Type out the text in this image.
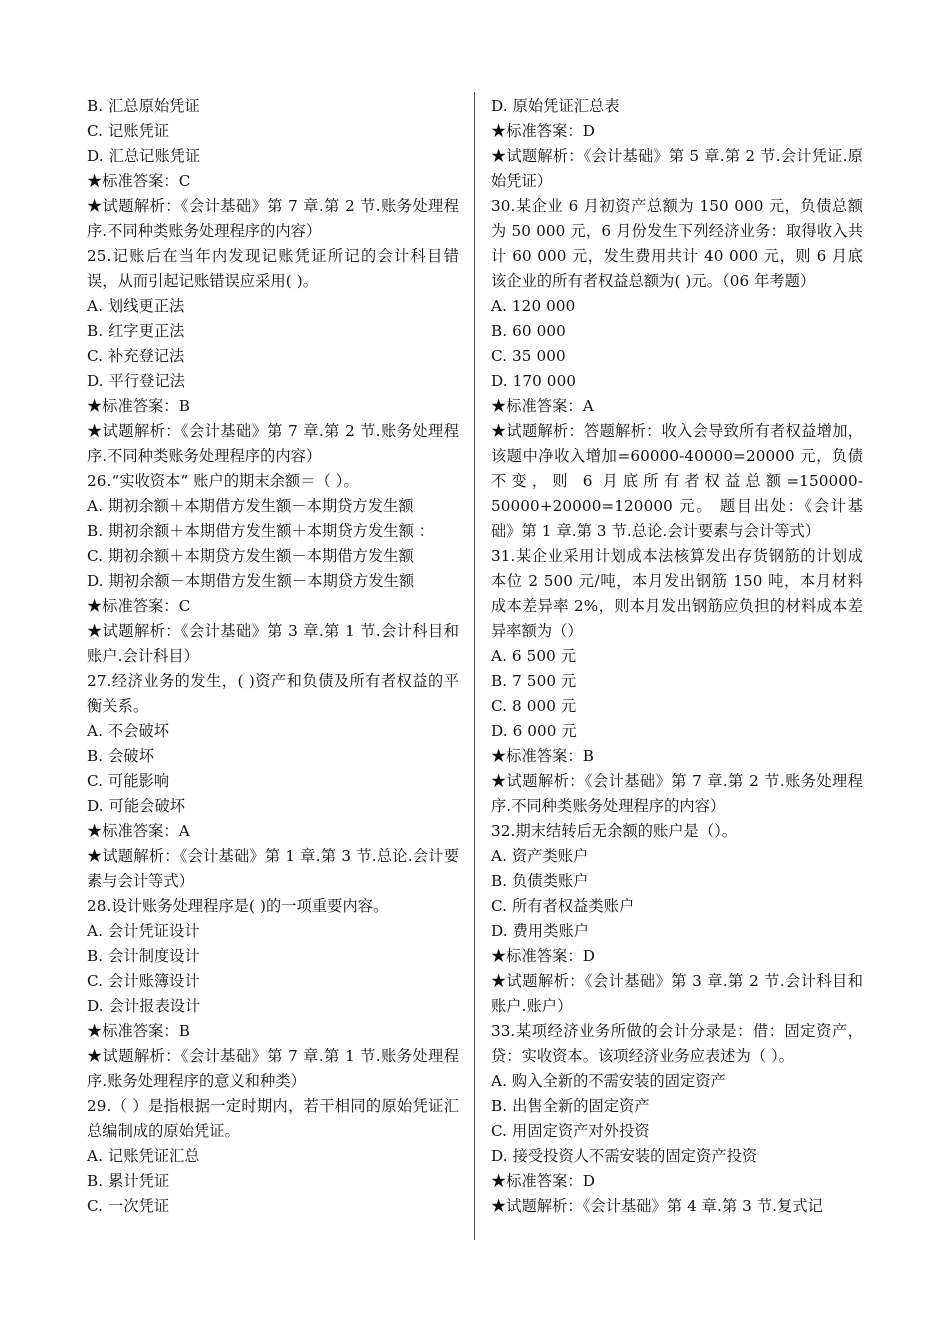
B. 汇总原始凭证

C. 记账凭证

D. 汇总记账凭证

★标准答案：C

★试题解析：《会计基础》第 7 章.第 2 节.账务处理程序.不同种类账务处理程序的内容）

25.记账后在当年内发现记账凭证所记的会计科目错误，从而引起记账错误应采用( )。

A. 划线更正法

B. 红字更正法

C. 补充登记法

D. 平行登记法

★标准答案：B

★试题解析：《会计基础》第 7 章.第 2 节.账务处理程序.不同种类账务处理程序的内容）

26.“实收资本” 账户的期末余额＝（ ）。

A. 期初余额＋本期借方发生额－本期贷方发生额

B. 期初余额＋本期借方发生额＋本期贷方发生额 ：

C. 期初余额＋本期贷方发生额－本期借方发生额

D. 期初余额－本期借方发生额－本期贷方发生额

★标准答案：C

★试题解析：《会计基础》第 3 章.第 1 节.会计科目和账户.会计科目）

27.经济业务的发生，( )资产和负债及所有者权益的平衡关系。

A. 不会破坏

B. 会破坏

C. 可能影响

D. 可能会破坏

★标准答案：A

★试题解析：《会计基础》第 1 章.第 3 节.总论.会计要素与会计等式）

28.设计账务处理程序是( )的一项重要内容。

A. 会计凭证设计

B. 会计制度设计

C. 会计账簿设计

D. 会计报表设计

★标准答案：B

★试题解析：《会计基础》第 7 章.第 1 节.账务处理程序.账务处理程序的意义和种类）

29.（ ）是指根据一定时期内，若干相同的原始凭证汇总编制成的原始凭证。

A. 记账凭证汇总

B. 累计凭证

C. 一次凭证

D. 原始凭证汇总表

★标准答案：D

★试题解析：《会计基础》第 5 章.第 2 节.会计凭证.原始凭证）

30.某企业 6 月初资产总额为 150 000 元，负债总额为 50 000 元，6 月份发生下列经济业务：取得收入共计 60 000 元，发生费用共计 40 000 元，则 6 月底该企业的所有者权益总额为( )元。（06 年考题）

A. 120 000

B. 60 000

C. 35 000

D. 170 000

★标准答案：A

★试题解析：答题解析：收入会导致所有者权益增加，该题中净收入增加=60000-40000=20000 元，负债不变，则 6 月底所有者权益总额=150000-50000+20000=120000 元。 题目出处：《会计基础》第 1 章.第 3 节.总论.会计要素与会计等式）

31.某企业采用计划成本法核算发出存货钢筋的计划成本位 2 500 元/吨，本月发出钢筋 150 吨，本月材料成本差异率 2%，则本月发出钢筋应负担的材料成本差异率额为（）

A. 6 500 元

B. 7 500 元

C. 8 000 元

D. 6 000 元

★标准答案：B

★试题解析：《会计基础》第 7 章.第 2 节.账务处理程序.不同种类账务处理程序的内容）

32.期末结转后无余额的账户是（）。

A. 资产类账户

B. 负债类账户

C. 所有者权益类账户

D. 费用类账户

★标准答案：D

★试题解析：《会计基础》第 3 章.第 2 节.会计科目和账户.账户）

33.某项经济业务所做的会计分录是：借：固定资产，贷：实收资本。该项经济业务应表述为（ ）。

A. 购入全新的不需安装的固定资产

B. 出售全新的固定资产

C. 用固定资产对外投资

D. 接受投资人不需安装的固定资产投资

★标准答案：D

★试题解析：《会计基础》第 4 章.第 3 节.复式记
